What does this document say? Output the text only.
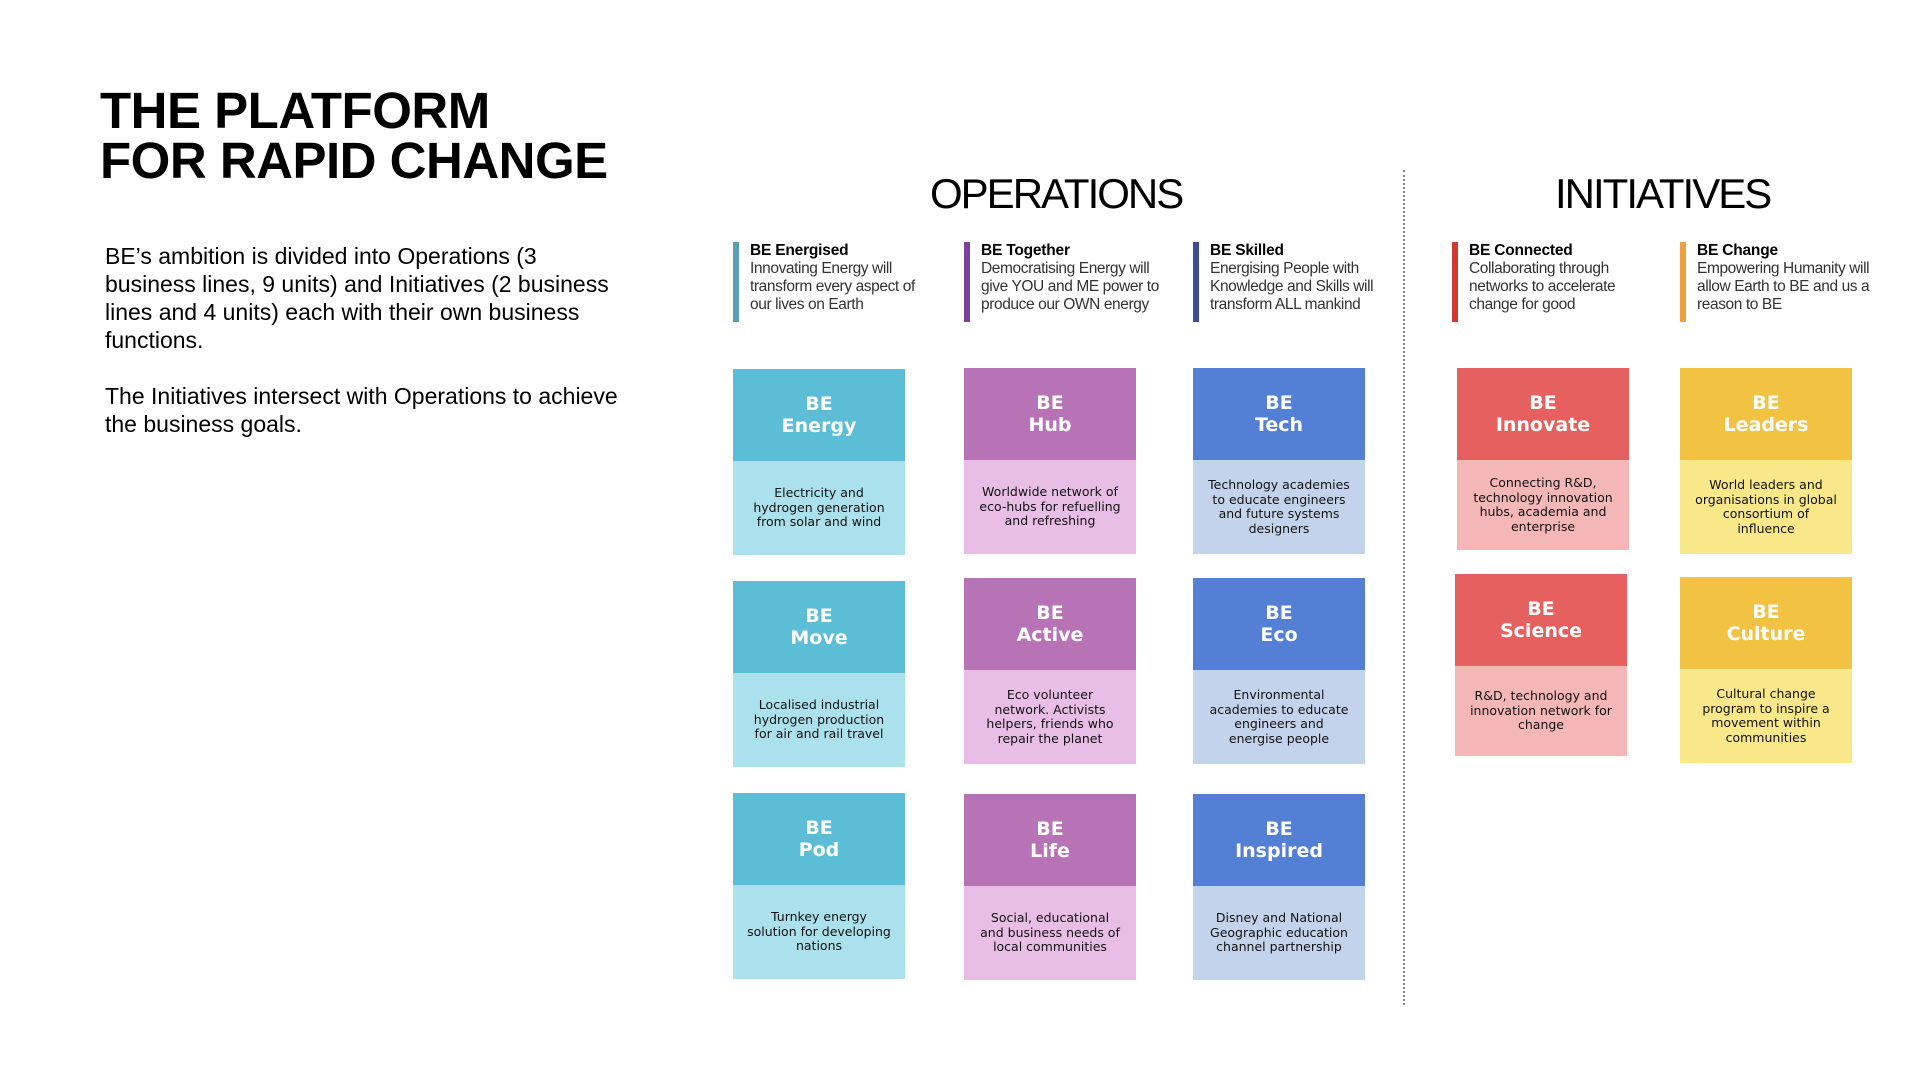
THE PLATFORM
FOR RAPID CHANGE

BE’s ambition is divided into Operations (3 business lines, 9 units) and Initiatives (2 business lines and 4 units) each with their own business functions.

The Initiatives intersect with Operations to achieve the business goals.

OPERATIONS	INITIATIVES
BE Energised
Innovating Energy will transform every aspect of our lives on Earth
BE Together
Democratising Energy will give YOU and ME power to produce our OWN energy
BE Skilled
Energising People with Knowledge and Skills will transform ALL mankind
BE Connected
Collaborating through networks to accelerate change for good
BE Change
Empowering Humanity will allow Earth to BE and us a reason to BE
BE
Energy
Electricity and hydrogen generation from solar and wind
BE
Move
Localised industrial hydrogen production for air and rail travel
BE
Pod
Turnkey energy solution for developing nations
BE
Hub
Worldwide network of eco-hubs for refuelling and refreshing
BE
Active
Eco volunteer network. Activists helpers, friends who repair the planet
BE
Life
Social, educational and business needs of local communities
BE
Tech
Technology academies to educate engineers and future systems designers
BE
Eco
Environmental academies to educate engineers and energise people
BE
Inspired
Disney and National Geographic education channel partnership
BE
Innovate
Connecting R&D, technology innovation hubs, academia and enterprise
BE
Science
R&D, technology and innovation network for change
BE
Leaders
World leaders and organisations in global consortium of influence
BE
Culture
Cultural change program to inspire a movement within communities
